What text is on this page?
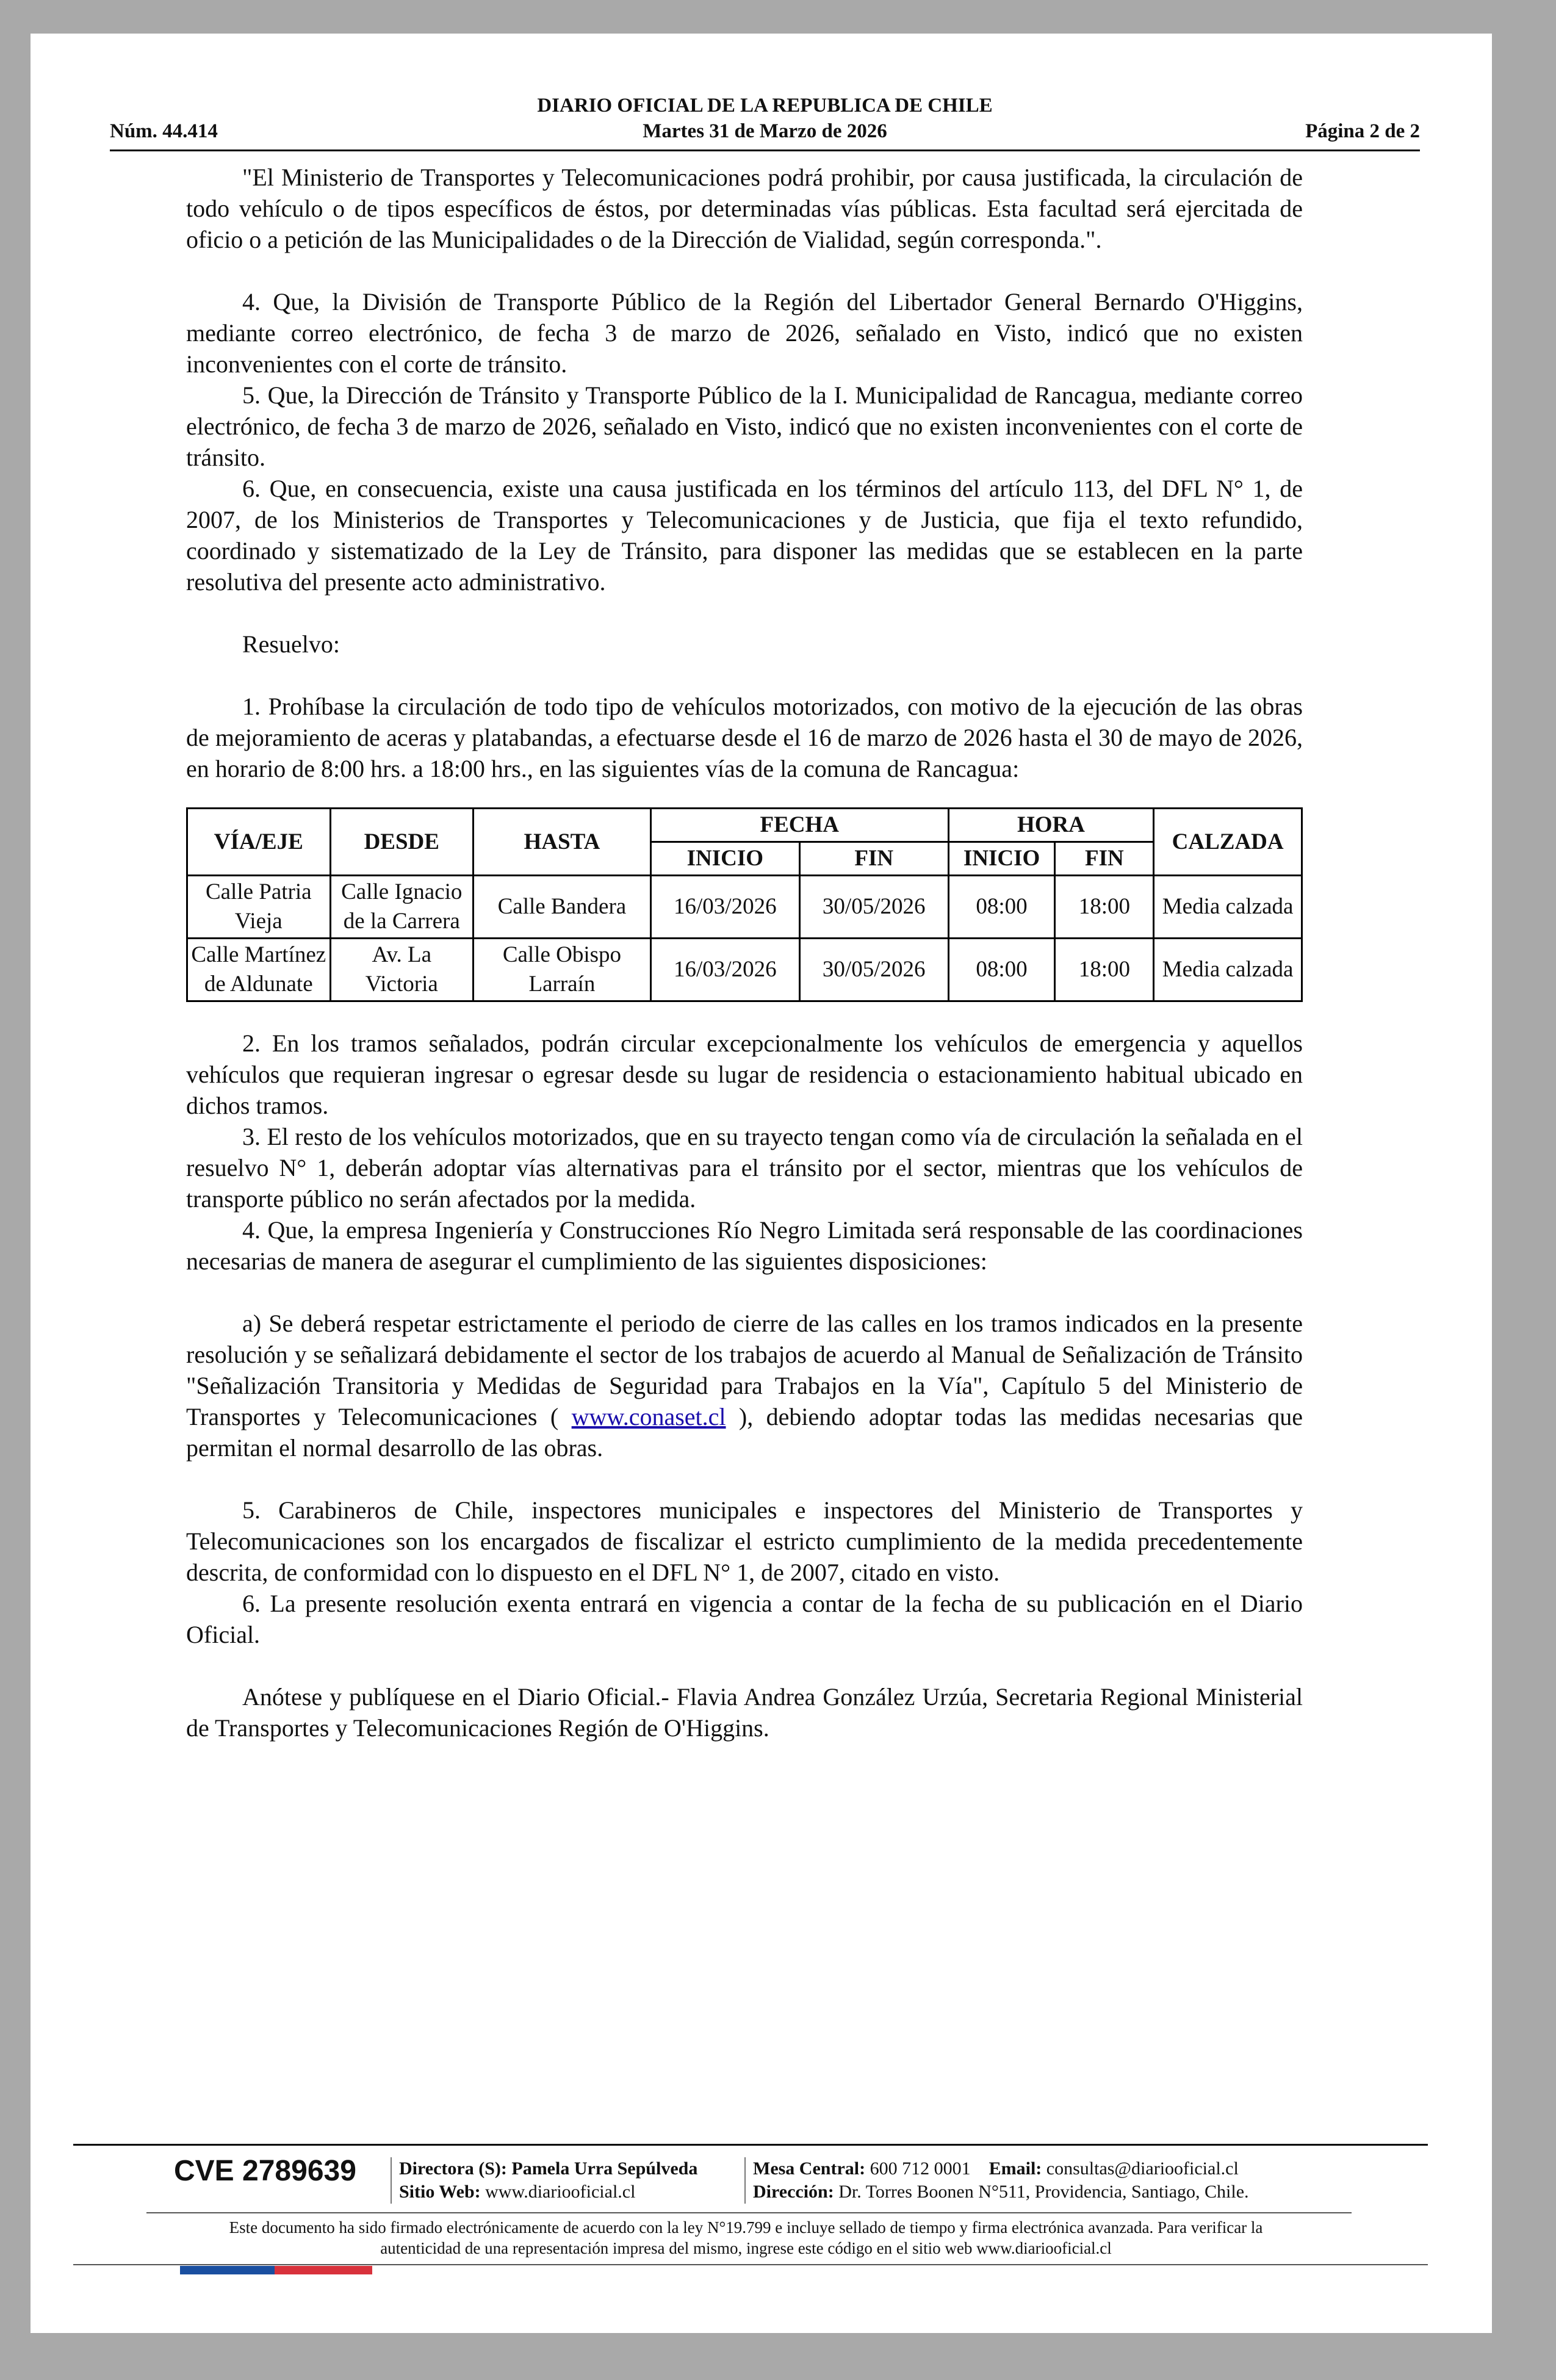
DIARIO OFICIAL DE LA REPUBLICA DE CHILE
Núm. 44.414	Martes 31 de Marzo de 2026	Página 2 de 2

"El Ministerio de Transportes y Telecomunicaciones podrá prohibir, por causa justificada, la circulación de todo vehículo o de tipos específicos de éstos, por determinadas vías públicas. Esta facultad será ejercitada de oficio o a petición de las Municipalidades o de la Dirección de Vialidad, según corresponda.".

4. Que, la División de Transporte Público de la Región del Libertador General Bernardo O'Higgins, mediante correo electrónico, de fecha 3 de marzo de 2026, señalado en Visto, indicó que no existen inconvenientes con el corte de tránsito.

5. Que, la Dirección de Tránsito y Transporte Público de la I. Municipalidad de Rancagua, mediante correo electrónico, de fecha 3 de marzo de 2026, señalado en Visto, indicó que no existen inconvenientes con el corte de tránsito.

6. Que, en consecuencia, existe una causa justificada en los términos del artículo 113, del DFL N° 1, de 2007, de los Ministerios de Transportes y Telecomunicaciones y de Justicia, que fija el texto refundido, coordinado y sistematizado de la Ley de Tránsito, para disponer las medidas que se establecen en la parte resolutiva del presente acto administrativo.

Resuelvo:

1. Prohíbase la circulación de todo tipo de vehículos motorizados, con motivo de la ejecución de las obras de mejoramiento de aceras y platabandas, a efectuarse desde el 16 de marzo de 2026 hasta el 30 de mayo de 2026, en horario de 8:00 hrs. a 18:00 hrs., en las siguientes vías de la comuna de Rancagua:

VÍA/EJE	DESDE	HASTA	FECHA		HORA		CALZADA
			INICIO	FIN	INICIO	FIN	
Calle Patria Vieja	Calle Ignacio de la Carrera	Calle Bandera	16/03/2026	30/05/2026	08:00	18:00	Media calzada
Calle Martínez de Aldunate	Av. La Victoria	Calle Obispo Larraín	16/03/2026	30/05/2026	08:00	18:00	Media calzada

2. En los tramos señalados, podrán circular excepcionalmente los vehículos de emergencia y aquellos vehículos que requieran ingresar o egresar desde su lugar de residencia o estacionamiento habitual ubicado en dichos tramos.

3. El resto de los vehículos motorizados, que en su trayecto tengan como vía de circulación la señalada en el resuelvo N° 1, deberán adoptar vías alternativas para el tránsito por el sector, mientras que los vehículos de transporte público no serán afectados por la medida.

4. Que, la empresa Ingeniería y Construcciones Río Negro Limitada será responsable de las coordinaciones necesarias de manera de asegurar el cumplimiento de las siguientes disposiciones:

a) Se deberá respetar estrictamente el periodo de cierre de las calles en los tramos indicados en la presente resolución y se señalizará debidamente el sector de los trabajos de acuerdo al Manual de Señalización de Tránsito "Señalización Transitoria y Medidas de Seguridad para Trabajos en la Vía", Capítulo 5 del Ministerio de Transportes y Telecomunicaciones ( www.conaset.cl ), debiendo adoptar todas las medidas necesarias que permitan el normal desarrollo de las obras.

5. Carabineros de Chile, inspectores municipales e inspectores del Ministerio de Transportes y Telecomunicaciones son los encargados de fiscalizar el estricto cumplimiento de la medida precedentemente descrita, de conformidad con lo dispuesto en el DFL N° 1, de 2007, citado en visto.

6. La presente resolución exenta entrará en vigencia a contar de la fecha de su publicación en el Diario Oficial.

Anótese y publíquese en el Diario Oficial.- Flavia Andrea González Urzúa, Secretaria Regional Ministerial de Transportes y Telecomunicaciones Región de O'Higgins.

CVE 2789639 Directora (S): Pamela Urra Sepúlveda
Sitio Web: www.diariooficial.cl
Mesa Central: 600 712 0001 Email: consultas@diariooficial.cl
Dirección: Dr. Torres Boonen N°511, Providencia, Santiago, Chile.
Este documento ha sido firmado electrónicamente de acuerdo con la ley N°19.799 e incluye sellado de tiempo y firma electrónica avanzada. Para verificar la autenticidad de una representación impresa del mismo, ingrese este código en el sitio web www.diariooficial.cl
